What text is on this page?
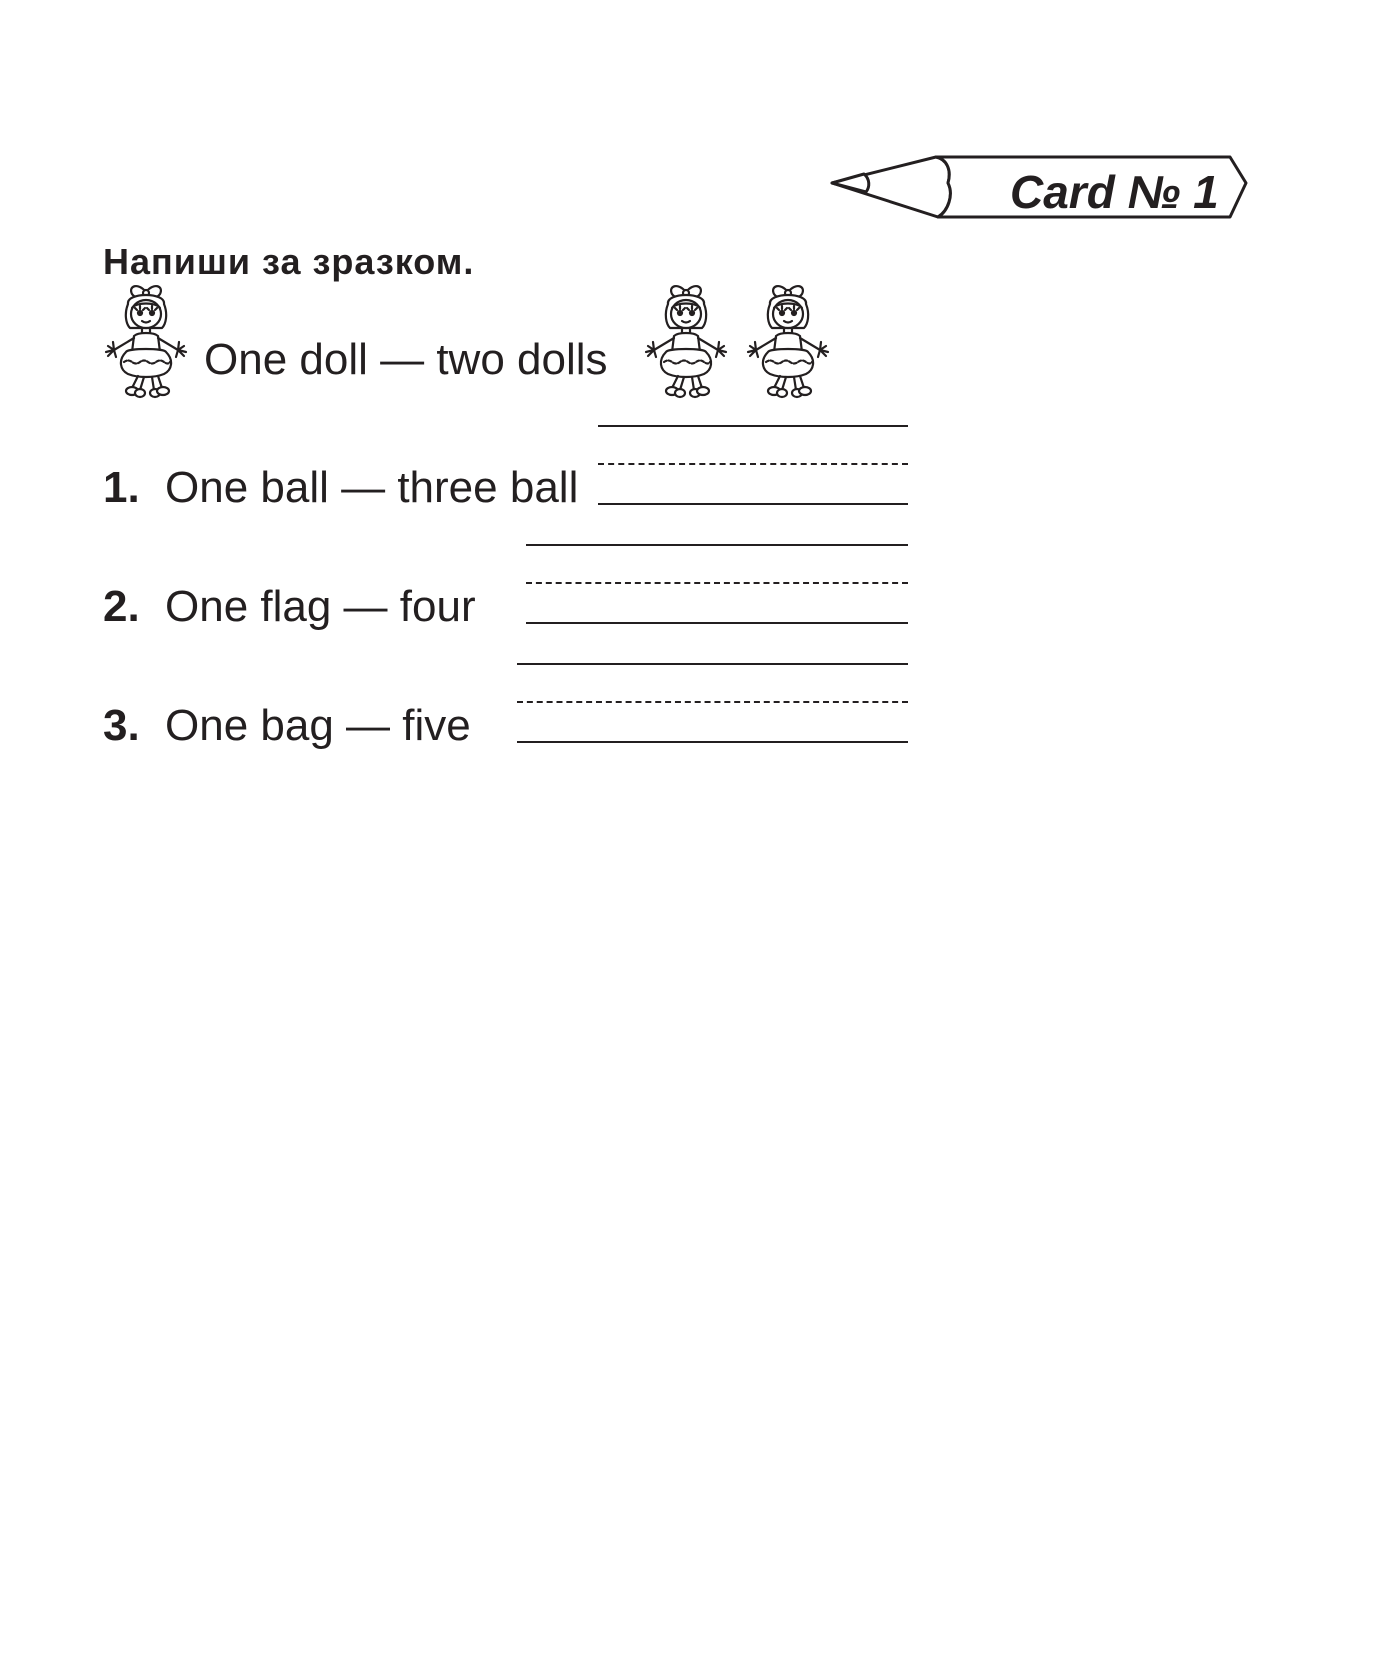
Card № 1
Напиши за зразком.
One doll — two dolls
1. One ball — three ball
2. One flag — four
3. One bag — five
